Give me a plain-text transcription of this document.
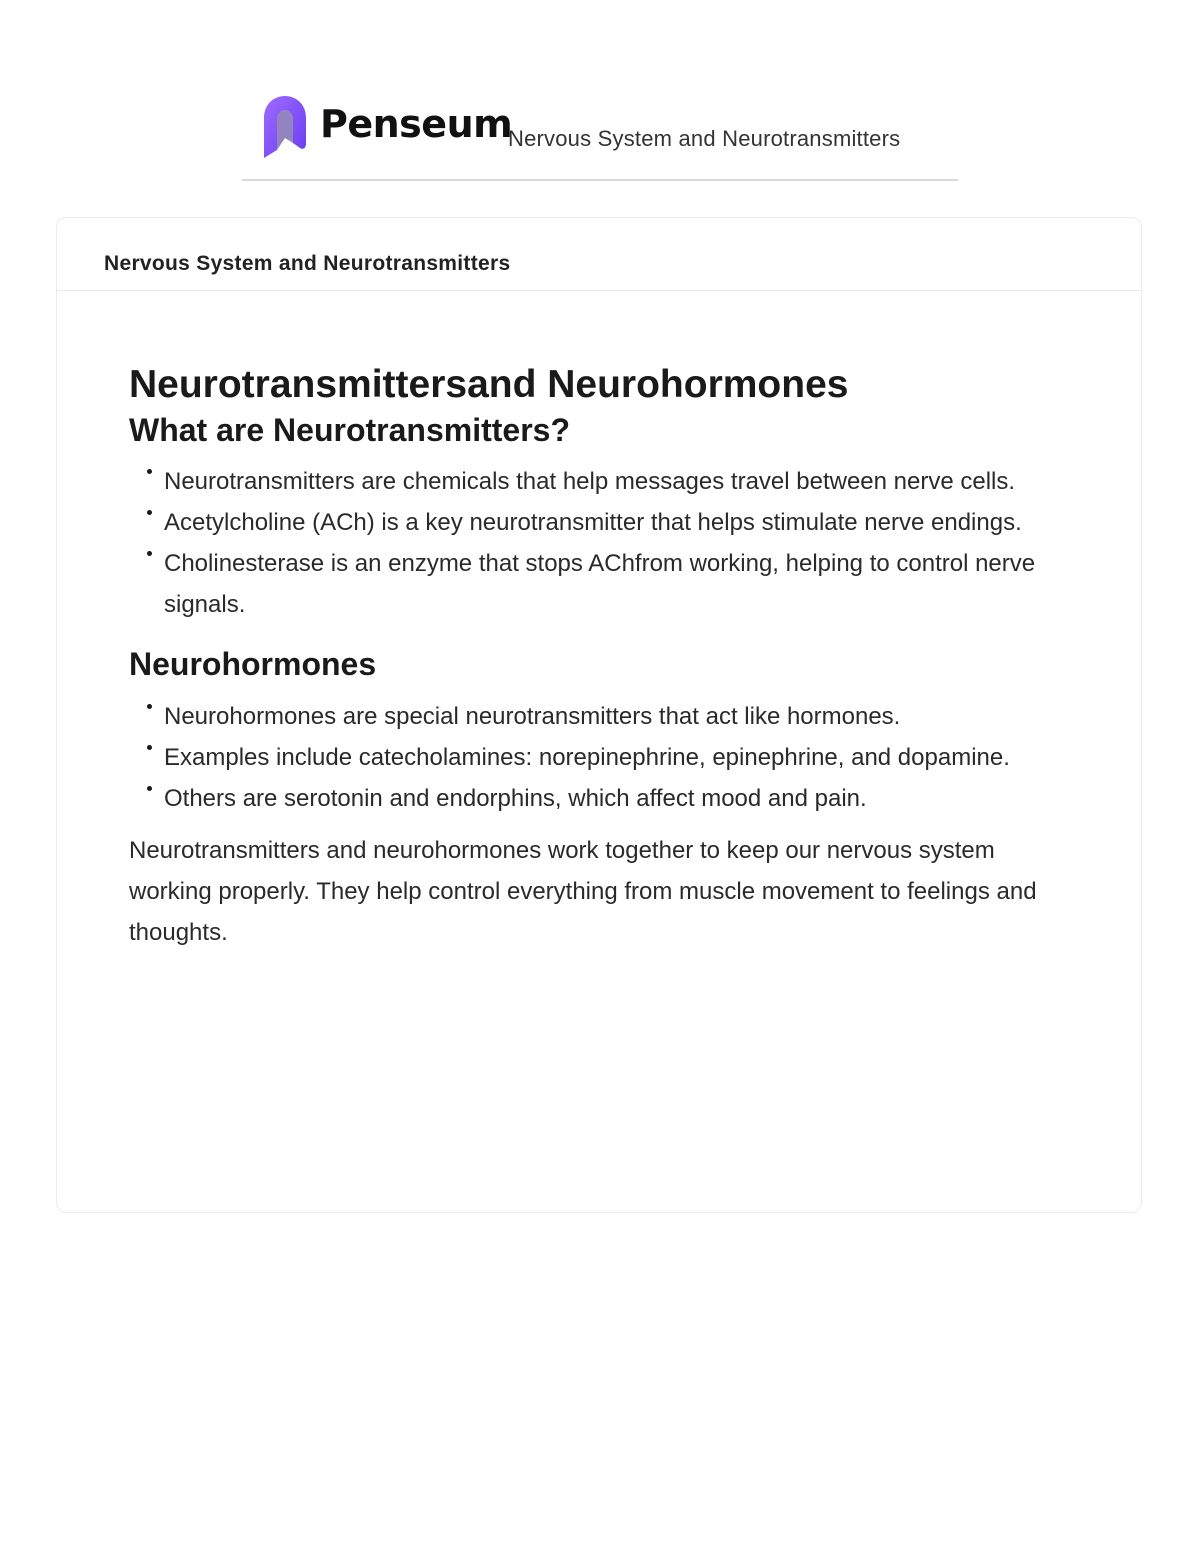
Penseum
Nervous System and Neurotransmitters
Nervous System and Neurotransmitters
Neurotransmittersand Neurohormones
What are Neurotransmitters?
Neurotransmitters are chemicals that help messages travel between nerve cells.
Acetylcholine (ACh) is a key neurotransmitter that helps stimulate nerve endings.
Cholinesterase is an enzyme that stops AChfrom working, helping to control nerve signals.
Neurohormones
Neurohormones are special neurotransmitters that act like hormones.
Examples include catecholamines: norepinephrine, epinephrine, and dopamine.
Others are serotonin and endorphins, which affect mood and pain.

Neurotransmitters and neurohormones work together to keep our nervous system working properly. They help control everything from muscle movement to feelings and thoughts.
